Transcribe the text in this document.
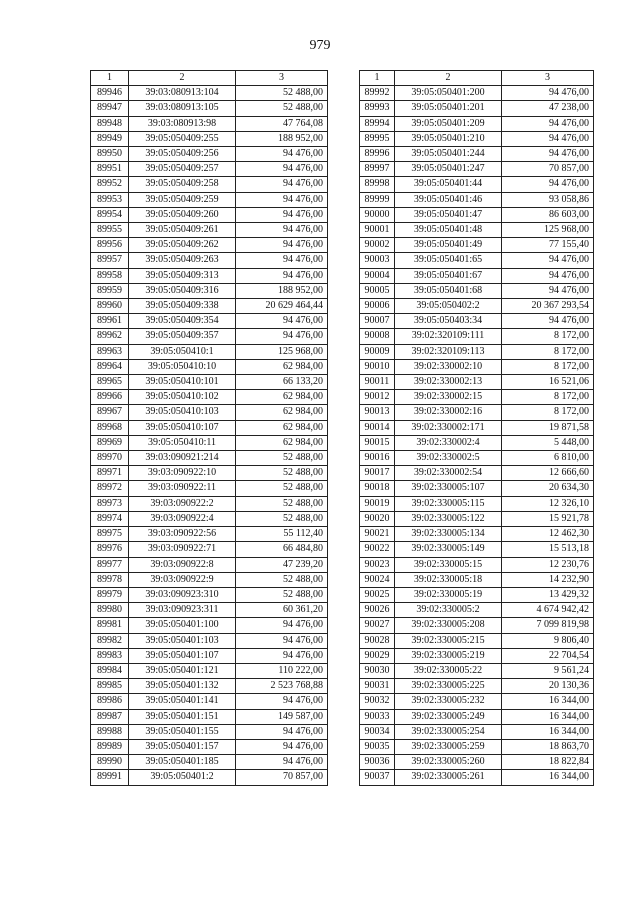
979
1	2	3
89946	39:03:080913:104	52 488,00
89947	39:03:080913:105	52 488,00
89948	39:03:080913:98	47 764,08
89949	39:05:050409:255	188 952,00
89950	39:05:050409:256	94 476,00
89951	39:05:050409:257	94 476,00
89952	39:05:050409:258	94 476,00
89953	39:05:050409:259	94 476,00
89954	39:05:050409:260	94 476,00
89955	39:05:050409:261	94 476,00
89956	39:05:050409:262	94 476,00
89957	39:05:050409:263	94 476,00
89958	39:05:050409:313	94 476,00
89959	39:05:050409:316	188 952,00
89960	39:05:050409:338	20 629 464,44
89961	39:05:050409:354	94 476,00
89962	39:05:050409:357	94 476,00
89963	39:05:050410:1	125 968,00
89964	39:05:050410:10	62 984,00
89965	39:05:050410:101	66 133,20
89966	39:05:050410:102	62 984,00
89967	39:05:050410:103	62 984,00
89968	39:05:050410:107	62 984,00
89969	39:05:050410:11	62 984,00
89970	39:03:090921:214	52 488,00
89971	39:03:090922:10	52 488,00
89972	39:03:090922:11	52 488,00
89973	39:03:090922:2	52 488,00
89974	39:03:090922:4	52 488,00
89975	39:03:090922:56	55 112,40
89976	39:03:090922:71	66 484,80
89977	39:03:090922:8	47 239,20
89978	39:03:090922:9	52 488,00
89979	39:03:090923:310	52 488,00
89980	39:03:090923:311	60 361,20
89981	39:05:050401:100	94 476,00
89982	39:05:050401:103	94 476,00
89983	39:05:050401:107	94 476,00
89984	39:05:050401:121	110 222,00
89985	39:05:050401:132	2 523 768,88
89986	39:05:050401:141	94 476,00
89987	39:05:050401:151	149 587,00
89988	39:05:050401:155	94 476,00
89989	39:05:050401:157	94 476,00
89990	39:05:050401:185	94 476,00
89991	39:05:050401:2	70 857,00
1	2	3
89992	39:05:050401:200	94 476,00
89993	39:05:050401:201	47 238,00
89994	39:05:050401:209	94 476,00
89995	39:05:050401:210	94 476,00
89996	39:05:050401:244	94 476,00
89997	39:05:050401:247	70 857,00
89998	39:05:050401:44	94 476,00
89999	39:05:050401:46	93 058,86
90000	39:05:050401:47	86 603,00
90001	39:05:050401:48	125 968,00
90002	39:05:050401:49	77 155,40
90003	39:05:050401:65	94 476,00
90004	39:05:050401:67	94 476,00
90005	39:05:050401:68	94 476,00
90006	39:05:050402:2	20 367 293,54
90007	39:05:050403:34	94 476,00
90008	39:02:320109:111	8 172,00
90009	39:02:320109:113	8 172,00
90010	39:02:330002:10	8 172,00
90011	39:02:330002:13	16 521,06
90012	39:02:330002:15	8 172,00
90013	39:02:330002:16	8 172,00
90014	39:02:330002:171	19 871,58
90015	39:02:330002:4	5 448,00
90016	39:02:330002:5	6 810,00
90017	39:02:330002:54	12 666,60
90018	39:02:330005:107	20 634,30
90019	39:02:330005:115	12 326,10
90020	39:02:330005:122	15 921,78
90021	39:02:330005:134	12 462,30
90022	39:02:330005:149	15 513,18
90023	39:02:330005:15	12 230,76
90024	39:02:330005:18	14 232,90
90025	39:02:330005:19	13 429,32
90026	39:02:330005:2	4 674 942,42
90027	39:02:330005:208	7 099 819,98
90028	39:02:330005:215	9 806,40
90029	39:02:330005:219	22 704,54
90030	39:02:330005:22	9 561,24
90031	39:02:330005:225	20 130,36
90032	39:02:330005:232	16 344,00
90033	39:02:330005:249	16 344,00
90034	39:02:330005:254	16 344,00
90035	39:02:330005:259	18 863,70
90036	39:02:330005:260	18 822,84
90037	39:02:330005:261	16 344,00
